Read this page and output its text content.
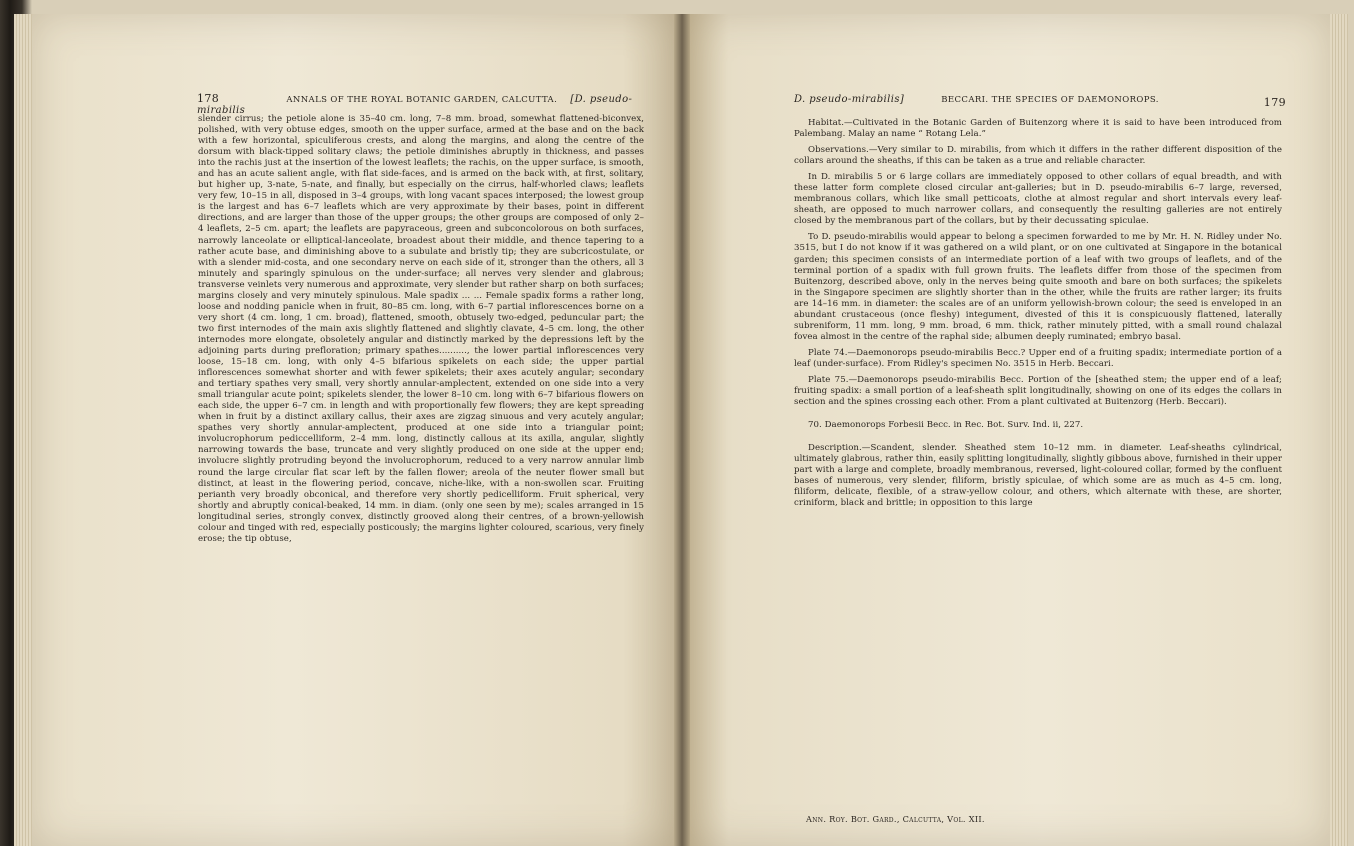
178	ANNALS OF THE ROYAL BOTANIC GARDEN, CALCUTTA. [D. pseudo-mirabilis

slender cirrus; the petiole alone is 35–40 cm. long, 7–8 mm. broad, somewhat flattened-biconvex, polished, with very obtuse edges, smooth on the upper surface, armed at the base and on the back with a few horizontal, spiculiferous crests, and along the margins, and along the centre of the dorsum with black-tipped solitary claws; the petiole diminishes abruptly in thickness, and passes into the rachis just at the insertion of the lowest leaflets; the rachis, on the upper surface, is smooth, and has an acute salient angle, with flat side-faces, and is armed on the back with, at first, solitary, but higher up, 3-nate, 5-nate, and finally, but especially on the cirrus, half-whorled claws; leaflets very few, 10–15 in all, disposed in 3–4 groups, with long vacant spaces interposed; the lowest group is the largest and has 6–7 leaflets which are very approximate by their bases, point in different directions, and are larger than those of the upper groups; the other groups are composed of only 2–4 leaflets, 2–5 cm. apart; the leaflets are papyraceous, green and subconcolorous on both surfaces, narrowly lanceolate or elliptical-lanceolate, broadest about their middle, and thence tapering to a rather acute base, and diminishing above to a subulate and bristly tip; they are subcricostulate, or with a slender mid-costa, and one secondary nerve on each side of it, stronger than the others, all 3 minutely and sparingly spinulous on the under-surface; all nerves very slender and glabrous; transverse veinlets very numerous and approximate, very slender but rather sharp on both surfaces; margins closely and very minutely spinulous. Male spadix ... ... Female spadix forms a rather long, loose and nodding panicle when in fruit, 80–85 cm. long, with 6–7 partial inflorescences borne on a very short (4 cm. long, 1 cm. broad), flattened, smooth, obtusely two-edged, peduncular part; the two first internodes of the main axis slightly flattened and slightly clavate, 4–5 cm. long, the other internodes more elongate, obsoletely angular and distinctly marked by the depressions left by the adjoining parts during prefloration; primary spathes.........., the lower partial inflorescences very loose, 15–18 cm. long, with only 4–5 bifarious spikelets on each side; the upper partial inflorescences somewhat shorter and with fewer spikelets; their axes acutely angular; secondary and tertiary spathes very small, very shortly annular-amplectent, extended on one side into a very small triangular acute point; spikelets slender, the lower 8–10 cm. long with 6–7 bifarious flowers on each side, the upper 6–7 cm. in length and with proportionally few flowers; they are kept spreading when in fruit by a distinct axillary callus, their axes are zigzag sinuous and very acutely angular; spathes very shortly annular-amplectent, produced at one side into a triangular point; involucrophorum pediccelliform, 2–4 mm. long, distinctly callous at its axilla, angular, slightly narrowing towards the base, truncate and very slightly produced on one side at the upper end; involucre slightly protruding beyond the involucrophorum, reduced to a very narrow annular limb round the large circular flat scar left by the fallen flower; areola of the neuter flower small but distinct, at least in the flowering period, concave, niche-like, with a non-swollen scar. Fruiting perianth very broadly obconical, and therefore very shortly pedicelliform. Fruit spherical, very shortly and abruptly conical-beaked, 14 mm. in diam. (only one seen by me); scales arranged in 15 longitudinal series, strongly convex, distinctly grooved along their centres, of a brown-yellowish colour and tinged with red, especially posticously; the margins lighter coloured, scarious, very finely erose; the tip obtuse,

D. pseudo-mirabilis]	BECCARI. THE SPECIES OF DAEMONOROPS.	179

Habitat.—Cultivated in the Botanic Garden of Buitenzorg where it is said to have been introduced from Palembang. Malay an name “ Rotang Lela.”

Observations.—Very similar to D. mirabilis, from which it differs in the rather different disposition of the collars around the sheaths, if this can be taken as a true and reliable character.

In D. mirabilis 5 or 6 large collars are immediately opposed to other collars of equal breadth, and with these latter form complete closed circular ant-galleries; but in D. pseudo-mirabilis 6–7 large, reversed, membranous collars, which like small petticoats, clothe at almost regular and short intervals every leaf-sheath, are opposed to much narrower collars, and consequently the resulting galleries are not entirely closed by the membranous part of the collars, but by their decussating spiculae.

To D. pseudo-mirabilis would appear to belong a specimen forwarded to me by Mr. H. N. Ridley under No. 3515, but I do not know if it was gathered on a wild plant, or on one cultivated at Singapore in the botanical garden; this specimen consists of an intermediate portion of a leaf with two groups of leaflets, and of the terminal portion of a spadix with full grown fruits. The leaflets differ from those of the specimen from Buitenzorg, described above, only in the nerves being quite smooth and bare on both surfaces; the spikelets in the Singapore specimen are slightly shorter than in the other, while the fruits are rather larger; its fruits are 14–16 mm. in diameter: the scales are of an uniform yellowish-brown colour; the seed is enveloped in an abundant crustaceous (once fleshy) integument, divested of this it is conspicuously flattened, laterally subreniform, 11 mm. long, 9 mm. broad, 6 mm. thick, rather minutely pitted, with a small round chalazal fovea almost in the centre of the raphal side; albumen deeply ruminated; embryo basal.

Plate 74.—Daemonorops pseudo-mirabilis Becc.? Upper end of a fruiting spadix; intermediate portion of a leaf (under-surface). From Ridley's specimen No. 3515 in Herb. Beccari.

Plate 75.—Daemonorops pseudo-mirabilis Becc. Portion of the [sheathed stem; the upper end of a leaf; fruiting spadix: a small portion of a leaf-sheath split longitudinally, showing on one of its edges the collars in section and the spines crossing each other. From a plant cultivated at Buitenzorg (Herb. Beccari).

70. Daemonorops Forbesii Becc. in Rec. Bot. Surv. Ind. ii, 227.

Description.—Scandent, slender. Sheathed stem 10–12 mm. in diameter. Leaf-sheaths cylindrical, ultimately glabrous, rather thin, easily splitting longitudinally, slightly gibbous above, furnished in their upper part with a large and complete, broadly membranous, reversed, light-coloured collar, formed by the confluent bases of numerous, very slender, filiform, bristly spiculae, of which some are as much as 4–5 cm. long, filiform, delicate, flexible, of a straw-yellow colour, and others, which alternate with these, are shorter, criniform, black and brittle; in opposition to this large

Ann. Roy. Bot. Gard., Calcutta, Vol. XII.
